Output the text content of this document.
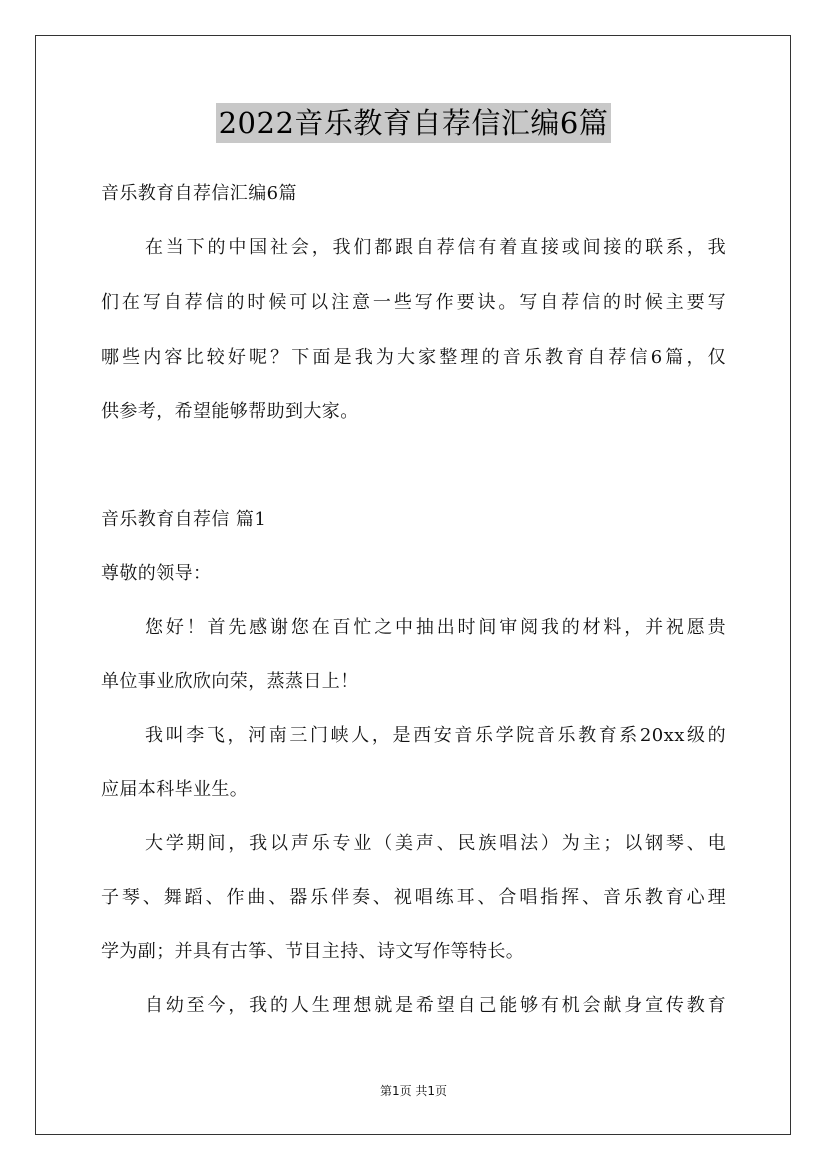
2022音乐教育自荐信汇编6篇
音乐教育自荐信汇编6篇
在当下的中国社会，我们都跟自荐信有着直接或间接的联系，我
们在写自荐信的时候可以注意一些写作要诀。写自荐信的时候主要写
哪些内容比较好呢？下面是我为大家整理的音乐教育自荐信6篇，仅
供参考，希望能够帮助到大家。
音乐教育自荐信 篇1
尊敬的领导：
您好！首先感谢您在百忙之中抽出时间审阅我的材料，并祝愿贵
单位事业欣欣向荣，蒸蒸日上！
我叫李飞，河南三门峡人，是西安音乐学院音乐教育系20xx级的
应届本科毕业生。
大学期间，我以声乐专业（美声、民族唱法）为主；以钢琴、电
子琴、舞蹈、作曲、器乐伴奏、视唱练耳、合唱指挥、音乐教育心理
学为副；并具有古筝、节目主持、诗文写作等特长。
自幼至今，我的人生理想就是希望自己能够有机会献身宣传教育
第1页 共1页
